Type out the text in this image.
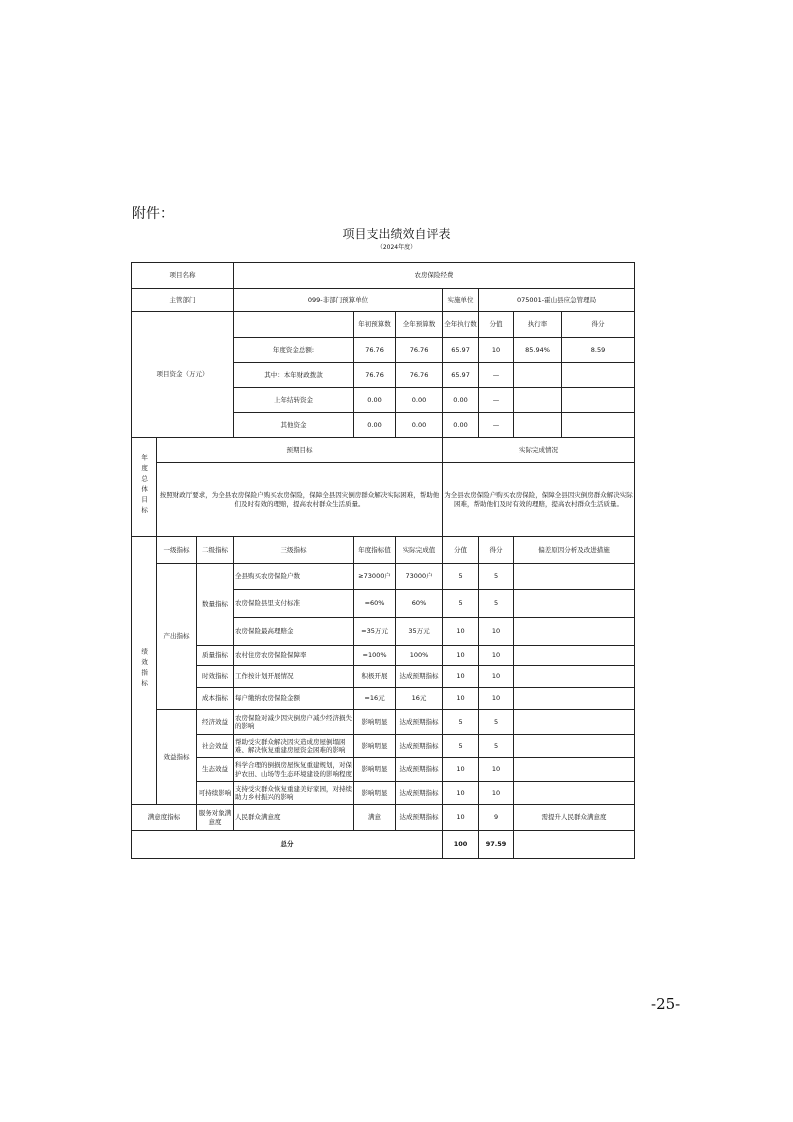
附件：
项目支出绩效自评表
（2024年度）
项目名称			农房保险经费						
主管部门			099-非部门预算单位			实施单位	075001-霍山县应急管理局		
项目资金（万元）				年初预算数	全年预算数	全年执行数	分值	执行率	得分
			年度资金总额:	76.76	76.76	65.97	10	85.94%	8.59
			其中：本年财政拨款	76.76	76.76	65.97	—		
			上年结转资金	0.00	0.00	0.00	—		
			其他资金	0.00	0.00	0.00	—		
年度总体目标	预期目标					实际完成情况			
	按照财政厅要求，为全县农房保险户购买农房保险，保障全县因灾倒房群众解决实际困难，帮助他们及时有效的理赔，提高农村群众生活质量。					为全县农房保险户购买农房保险，保障全县因灾倒房群众解决实际困难，帮助他们及时有效的理赔，提高农村群众生活质量。			
绩效指标	一级指标	二级指标	三级指标	年度指标值	实际完成值	分值	得分	偏差原因分析及改进措施	
	产出指标	数量指标	全县购买农房保险户数	≥73000户	73000户	5	5		
			农房保险县里支付标准	=60%	60%	5	5		
			农房保险最高理赔金	=35万元	35万元	10	10		
		质量指标	农村住房农房保险保障率	=100%	100%	10	10		
		时效指标	工作按计划开展情况	积极开展	达成预期指标	10	10		
		成本指标	每户缴纳农房保险金额	=16元	16元	10	10		
	效益指标	经济效益	农房保险对减少因灾倒房户减少经济损失的影响	影响明显	达成预期指标	5	5		
		社会效益	帮助受灾群众解决因灾造成房屋倒塌困难、解决恢复重建房屋资金困难的影响	影响明显	达成预期指标	5	5		
		生态效益	科学合理的倒损房屋恢复重建规划，对保护农田、山场等生态环境建设的影响程度	影响明显	达成预期指标	10	10		
		可持续影响	支持受灾群众恢复重建美好家园，对持续助力乡村振兴的影响	影响明显	达成预期指标	10	10		
满意度指标		服务对象满意度	人民群众满意度	满意	达成预期指标	10	9	需提升人民群众满意度	
总分						100	97.59		
-25-
